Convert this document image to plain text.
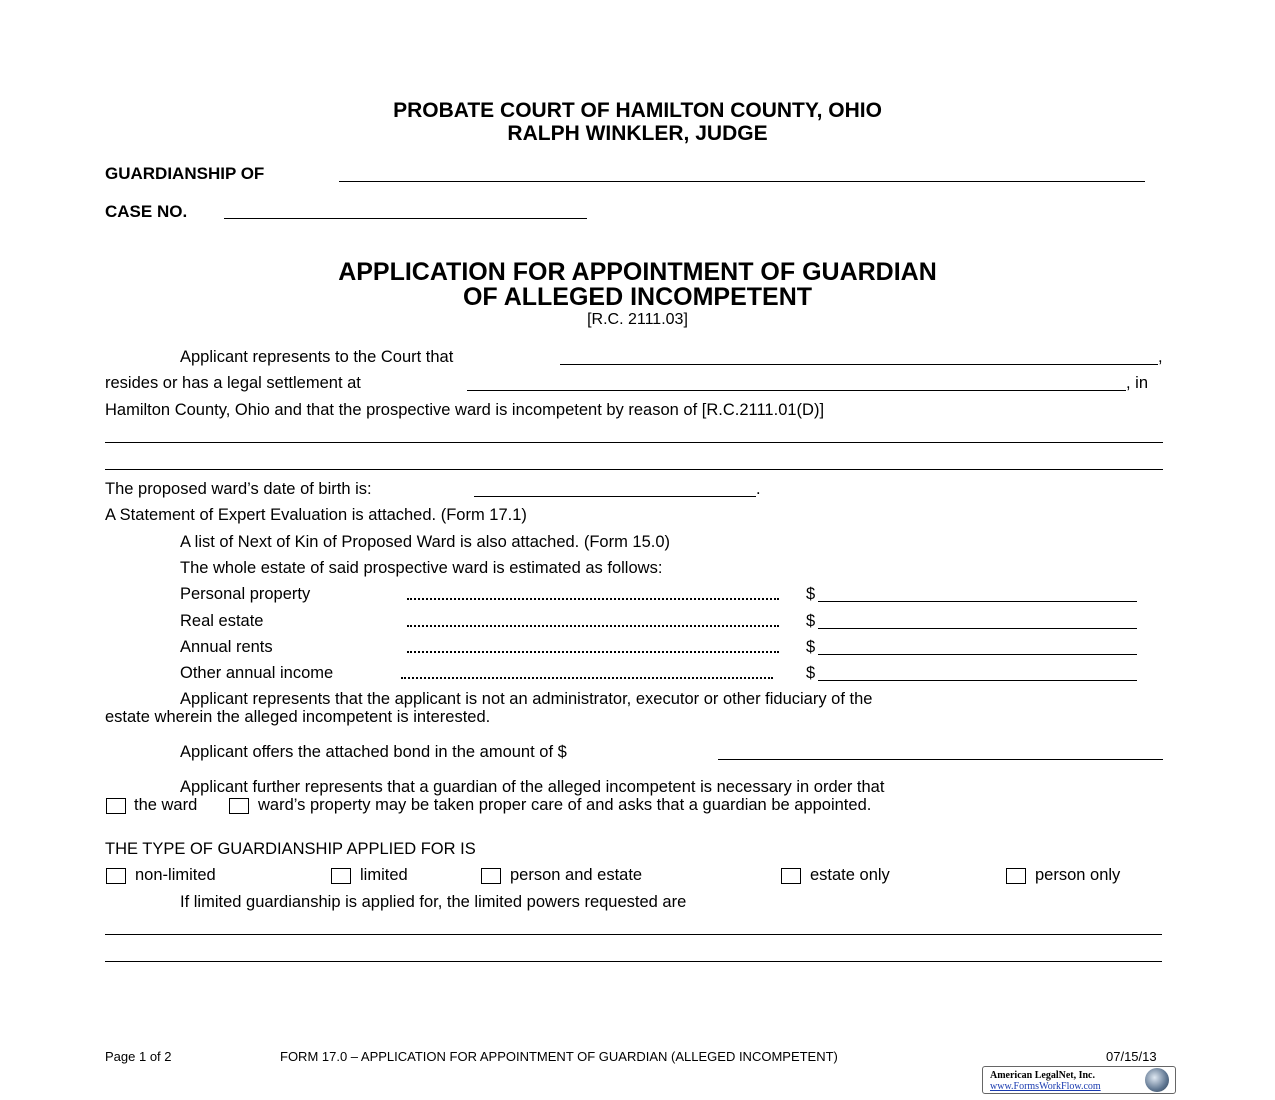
PROBATE COURT OF HAMILTON COUNTY, OHIO
RALPH WINKLER, JUDGE
GUARDIANSHIP OF
CASE NO.
APPLICATION FOR APPOINTMENT OF GUARDIAN
OF ALLEGED INCOMPETENT
[R.C. 2111.03]
Applicant represents to the Court that	,
resides or has a legal settlement at	, in
Hamilton County, Ohio and that the prospective ward is incompetent by reason of [R.C.2111.01(D)]
The proposed ward’s date of birth is:	.
A Statement of Expert Evaluation is attached. (Form 17.1)
A list of Next of Kin of Proposed Ward is also attached. (Form 15.0)
The whole estate of said prospective ward is estimated as follows:
Personal property	$
Real estate	$
Annual rents	$
Other annual income	$
Applicant represents that the applicant is not an administrator, executor or other fiduciary of the
estate wherein the alleged incompetent is interested.
Applicant offers the attached bond in the amount of $
Applicant further represents that a guardian of the alleged incompetent is necessary in order that
the ward	ward’s property may be taken proper care of and asks that a guardian be appointed.
THE TYPE OF GUARDIANSHIP APPLIED FOR IS
non-limited	limited	person and estate	estate only	person only
If limited guardianship is applied for, the limited powers requested are
Page 1 of 2	FORM 17.0 – APPLICATION FOR APPOINTMENT OF GUARDIAN (ALLEGED INCOMPETENT)	07/15/13
American LegalNet, Inc.
www.FormsWorkFlow.com
